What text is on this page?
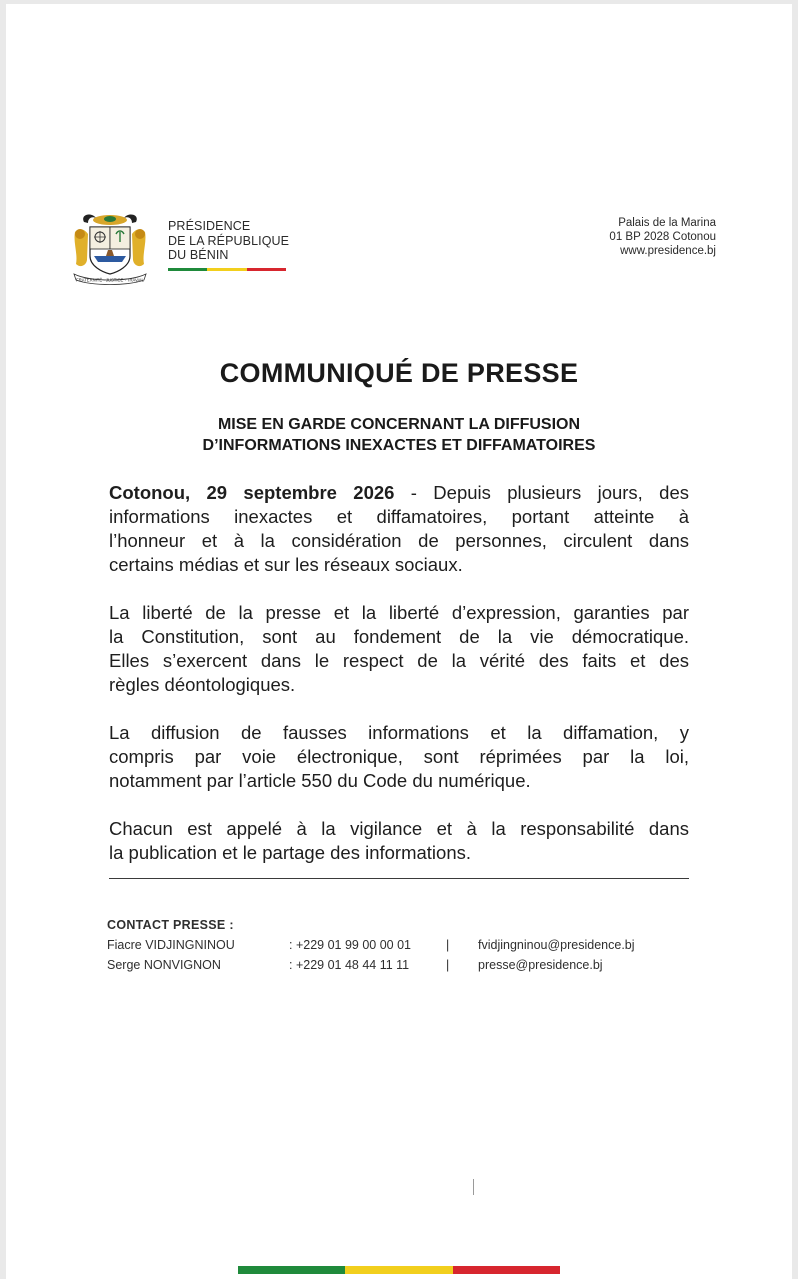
FRATERNITÉ · JUSTICE · TRAVAIL
PRÉSIDENCE
DE LA RÉPUBLIQUE
DU BÉNIN
Palais de la Marina
01 BP 2028 Cotonou
www.presidence.bj
COMMUNIQUÉ DE PRESSE
MISE EN GARDE CONCERNANT LA DIFFUSION
D’INFORMATIONS INEXACTES ET DIFFAMATOIRES
Cotonou, 29 septembre 2026 - Depuis plusieurs jours, des
informations inexactes et diffamatoires, portant atteinte à
l’honneur et à la considération de personnes, circulent dans
certains médias et sur les réseaux sociaux.
La liberté de la presse et la liberté d’expression, garanties par
la Constitution, sont au fondement de la vie démocratique.
Elles s’exercent dans le respect de la vérité des faits et des
règles déontologiques.
La diffusion de fausses informations et la diffamation, y
compris par voie électronique, sont réprimées par la loi,
notamment par l’article 550 du Code du numérique.
Chacun est appelé à la vigilance et à la responsabilité dans
la publication et le partage des informations.
CONTACT PRESSE :
Fiacre VIDJINGNINOU	: +229 01 99 00 00 01	|	fvidjingninou@presidence.bj
Serge NONVIGNON	: +229 01 48 44 11 11	|	presse@presidence.bj
